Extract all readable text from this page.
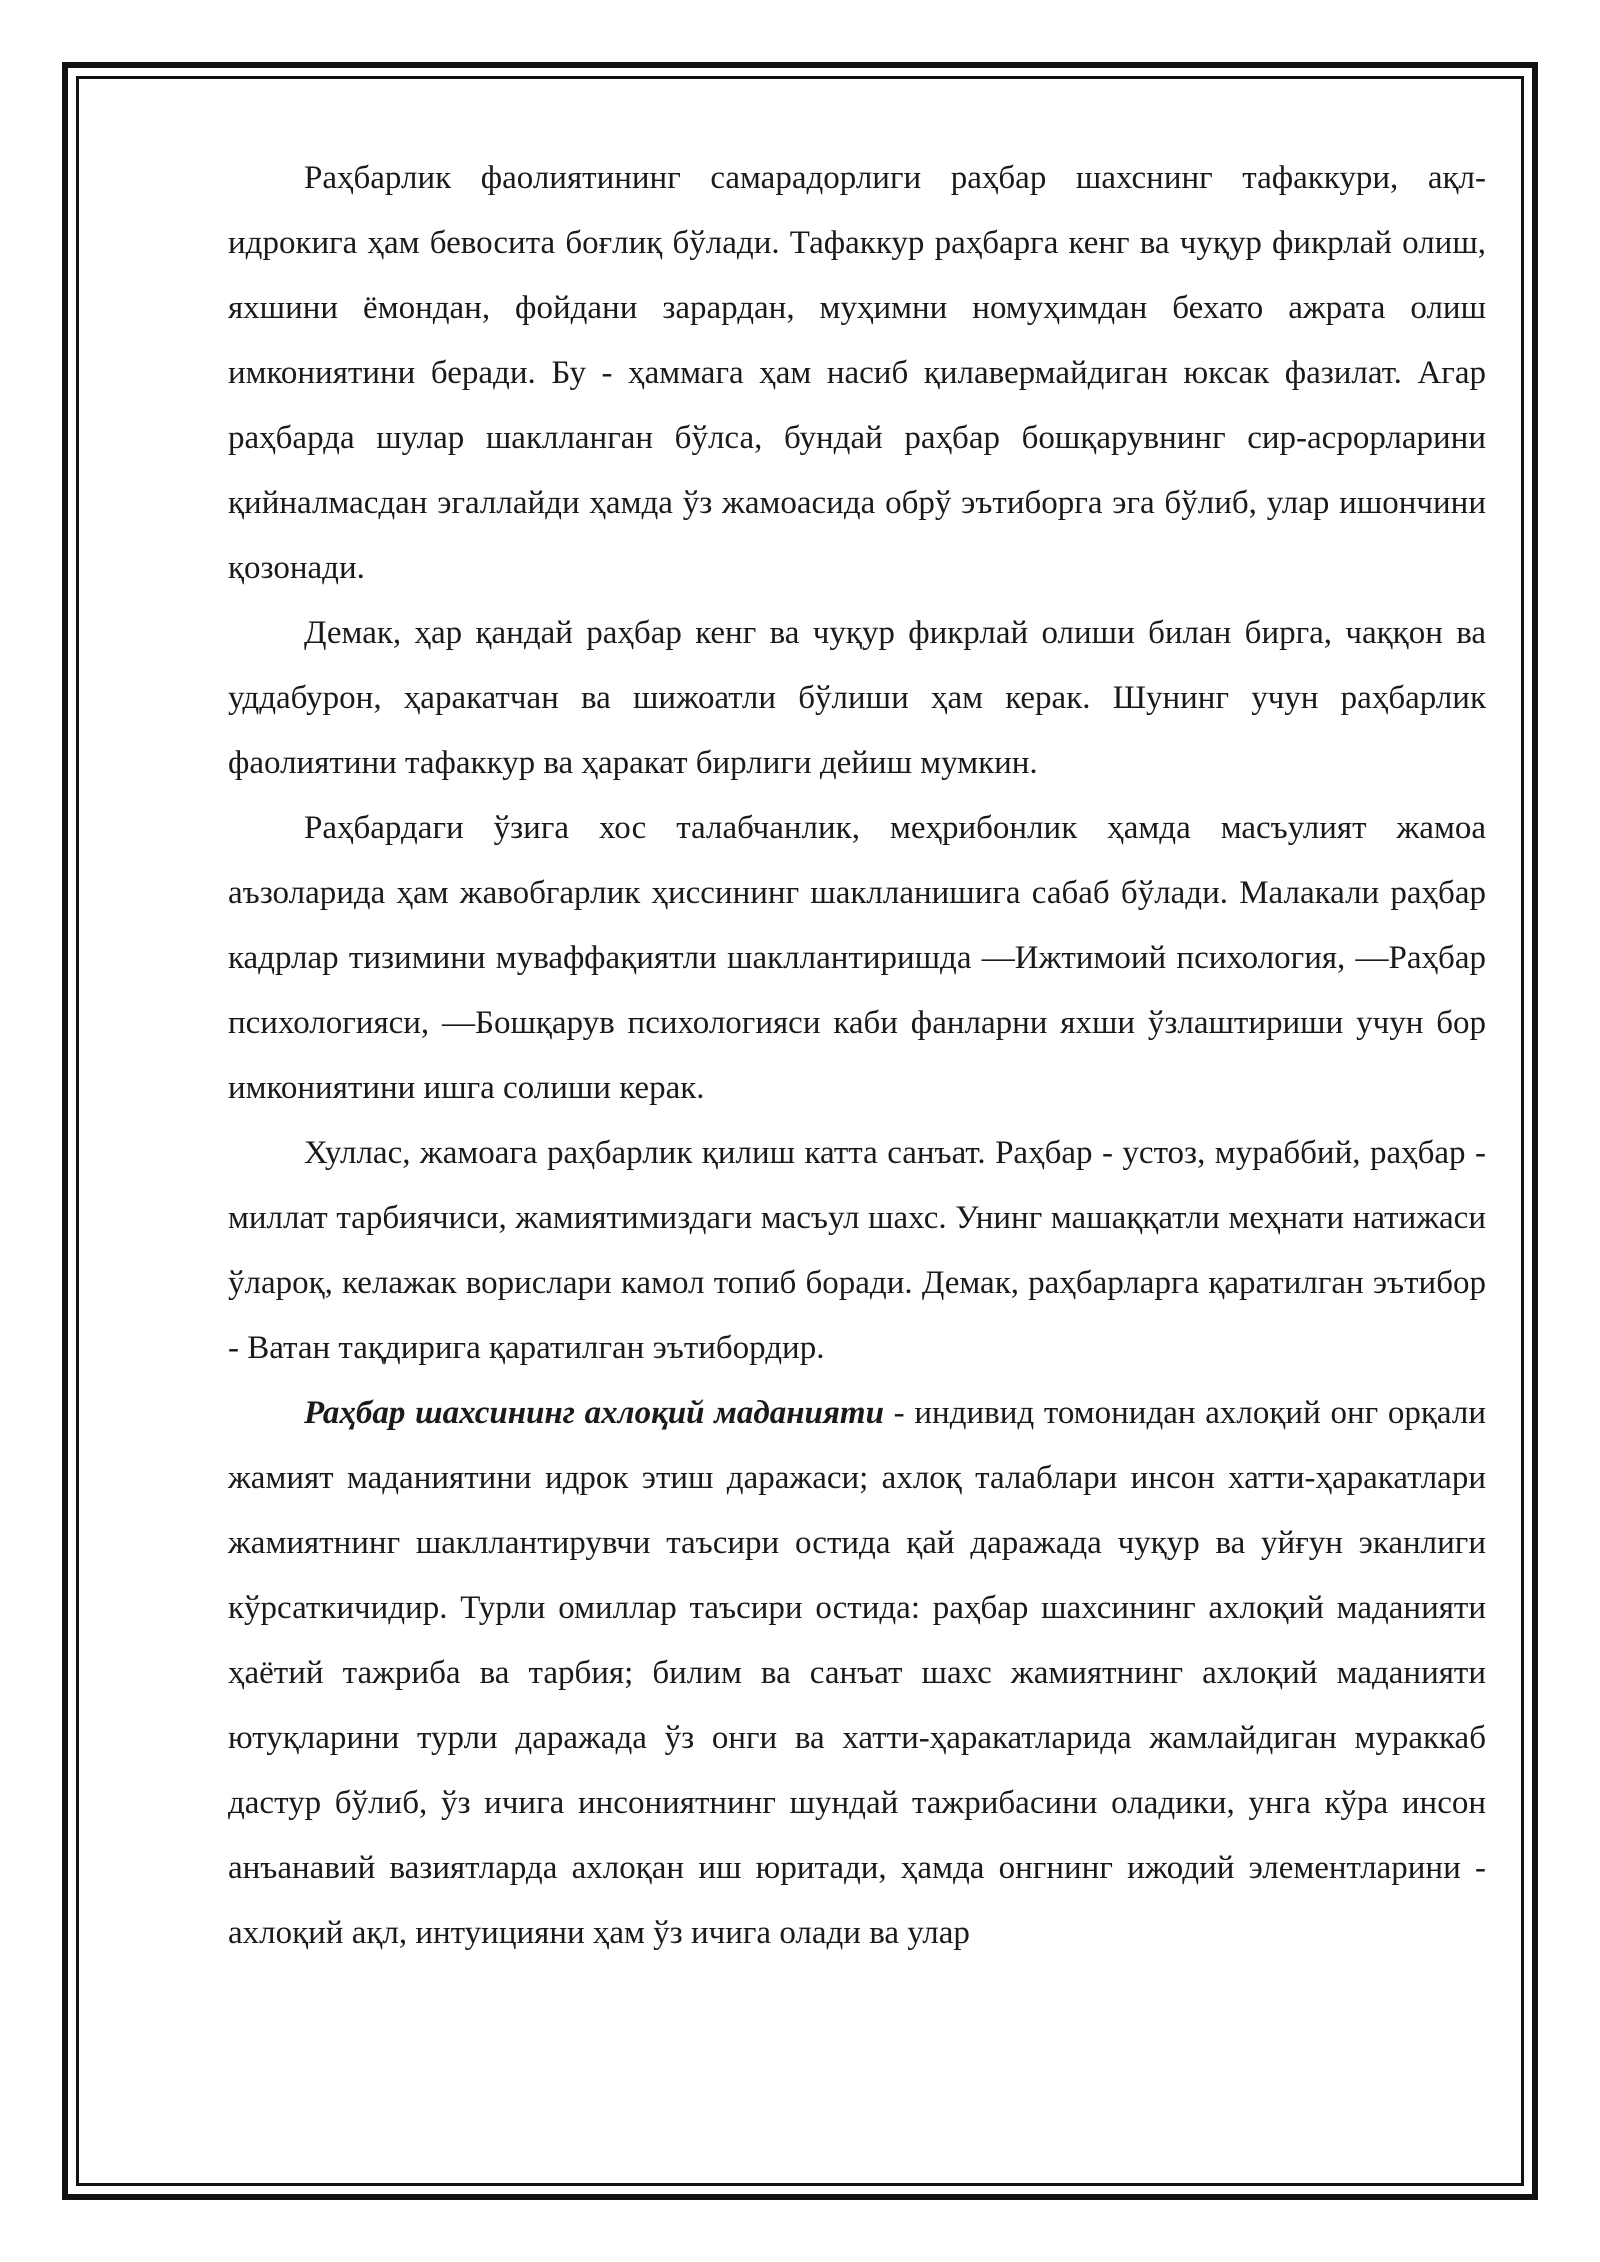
Раҳбарлик фаолиятининг самарадорлиги раҳбар шахснинг тафаккури, ақл-идрокига ҳам бевосита боғлиқ бўлади. Тафаккур раҳбарга кенг ва чуқур фикрлай олиш, яхшини ёмондан, фойдани зарардан, муҳимни номуҳимдан бехато ажрата олиш имкониятини беради. Бу - ҳаммага ҳам насиб қилавермайдиган юксак фазилат. Агар раҳбарда шулар шаклланган бўлса, бундай раҳбар бошқарувнинг сир-асрорларини қийналмасдан эгаллайди ҳамда ўз жамоасида обрў эътиборга эга бўлиб, улар ишончини қозонади.

Демак, ҳар қандай раҳбар кенг ва чуқур фикрлай олиши билан бирга, чаққон ва уддабурон, ҳаракатчан ва шижоатли бўлиши ҳам керак. Шунинг учун раҳбарлик фаолиятини тафаккур ва ҳаракат бирлиги дейиш мумкин.

Раҳбардаги ўзига хос талабчанлик, меҳрибонлик ҳамда масъулият жамоа аъзоларида ҳам жавобгарлик ҳиссининг шаклланишига сабаб бўлади. Малакали раҳбар кадрлар тизимини муваффақиятли шакллантиришда ―Ижтимоий психология, ―Раҳбар психологияси, ―Бошқарув психологияси каби фанларни яхши ўзлаштириши учун бор имкониятини ишга солиши керак.

Хуллас, жамоага раҳбарлик қилиш катта санъат. Раҳбар - устоз, мураббий, раҳбар - миллат тарбиячиси, жамиятимиздаги масъул шахс. Унинг машаққатли меҳнати натижаси ўлароқ, келажак ворислари камол топиб боради. Демак, раҳбарларга қаратилган эътибор - Ватан тақдирига қаратилган эътибордир.

Раҳбар шахсининг ахлоқий маданияти - индивид томонидан ахлоқий онг орқали жамият маданиятини идрок этиш даражаси; ахлоқ талаблари инсон хатти-ҳаракатлари жамиятнинг шакллантирувчи таъсири остида қай даражада чуқур ва уйғун эканлиги кўрсаткичидир. Турли омиллар таъсири остида: раҳбар шахсининг ахлоқий маданияти ҳаётий тажриба ва тарбия; билим ва санъат шахс жамиятнинг ахлоқий маданияти ютуқларини турли даражада ўз онги ва хатти-ҳаракатларида жамлайдиган мураккаб дастур бўлиб, ўз ичига инсониятнинг шундай тажрибасини оладики, унга кўра инсон анъанавий вазиятларда ахлоқан иш юритади, ҳамда онгнинг ижодий элементларини - ахлоқий ақл, интуицияни ҳам ўз ичига олади ва улар
